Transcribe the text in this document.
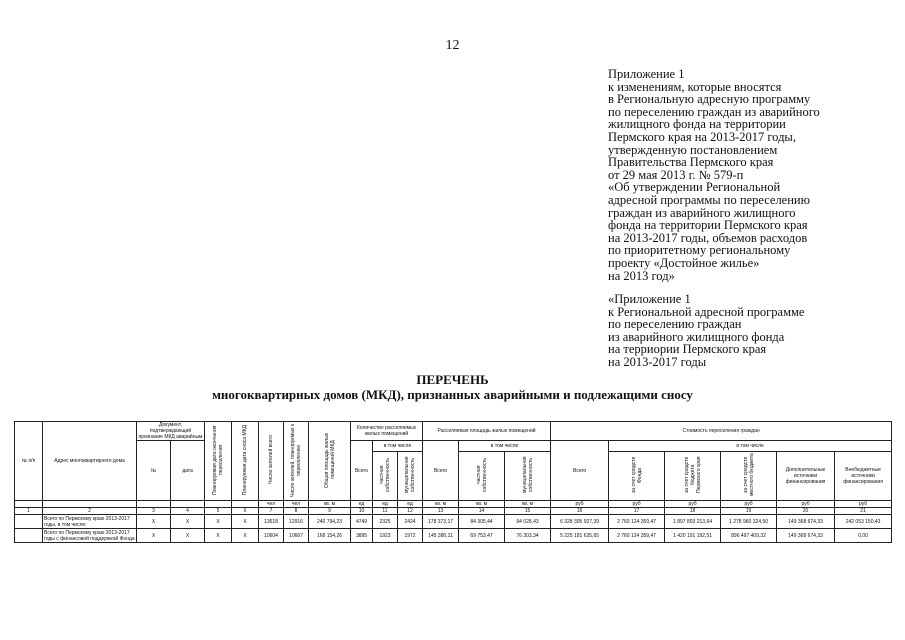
12
Приложение 1
к изменениям, которые вносятся
в Региональную адресную программу
по переселению граждан из аварийного
жилищного фонда на территории
Пермского края на 2013-2017 годы,
утвержденную постановлением
Правительства Пермского края
от 29 мая 2013 г. № 579-п
«Об утверждении Региональной
адресной программы по переселению
граждан из аварийного жилищного
фонда на территории Пермского края
на 2013-2017 годы, объемов расходов
по приоритетному региональному
проекту «Достойное жилье»
на 2013 год»
«Приложение 1
к Региональной адресной программе
по переселению граждан
из аварийного жилищного фонда
на терриории Пермского края
на 2013-2017 годы
ПЕРЕЧЕНЬ
многоквартирных домов (МКД), признанных аварийными и подлежащими сносу
№ п/п	Адрес многоквартирного дома	Документ, подтверждающий признание МКД аварийным		Планируемая дата окончания переселения	Планируемая дата сноса МКД	Число жителей всего	Число жителей, планируемых к переселению	Общая площадь жилых помещений МКД	Количество расселяемых жилых помещений			Расселяемая площадь жилых помещений			Стоимость переселения граждан					
		№	дата						Всего	в том числе		Всего	в том числе		Всего	в том числе				
										частная собственность	муниципальная собственность		частная собственность	муниципальная собственность		за счет средств Фонда	за счет средств бюджета Пермского края	за счет средств местного бюджета	Дополнительные источники финансирования	Внебюджетные источники финансирования
						чел	чел	кв. м	ед	ед	ед	кв. м	кв. м	кв. м	руб	руб	руб	руб	руб	руб
1	2	3	4	5	6	7	8	9	10	11	12	13	14	15	16	17	18	19	20	21
	Всего по Пермскому краю 2013-2017 годы, в том числе:	X	X	X	X	13618	12916	240 794,23	4749	2325	2424	178 373,17	84 305,44	94 028,43	6 328 305 927,39	2 760 124 359,47	1 897 803 213,64	1 278 960 324,50	149 368 674,33	242 053 150,43
	Всего по Пермскому краю 2013-2017 годы с финансовой поддержкой Фонда	X	X	X	X	10604	10667	168 154,26	3895	1923	1972	145 380,11	69 753,47	76 303,34	5 225 181 635,65	2 760 124 359,47	1 420 191 192,51	896 497 409,32	149 368 674,33	0,00
